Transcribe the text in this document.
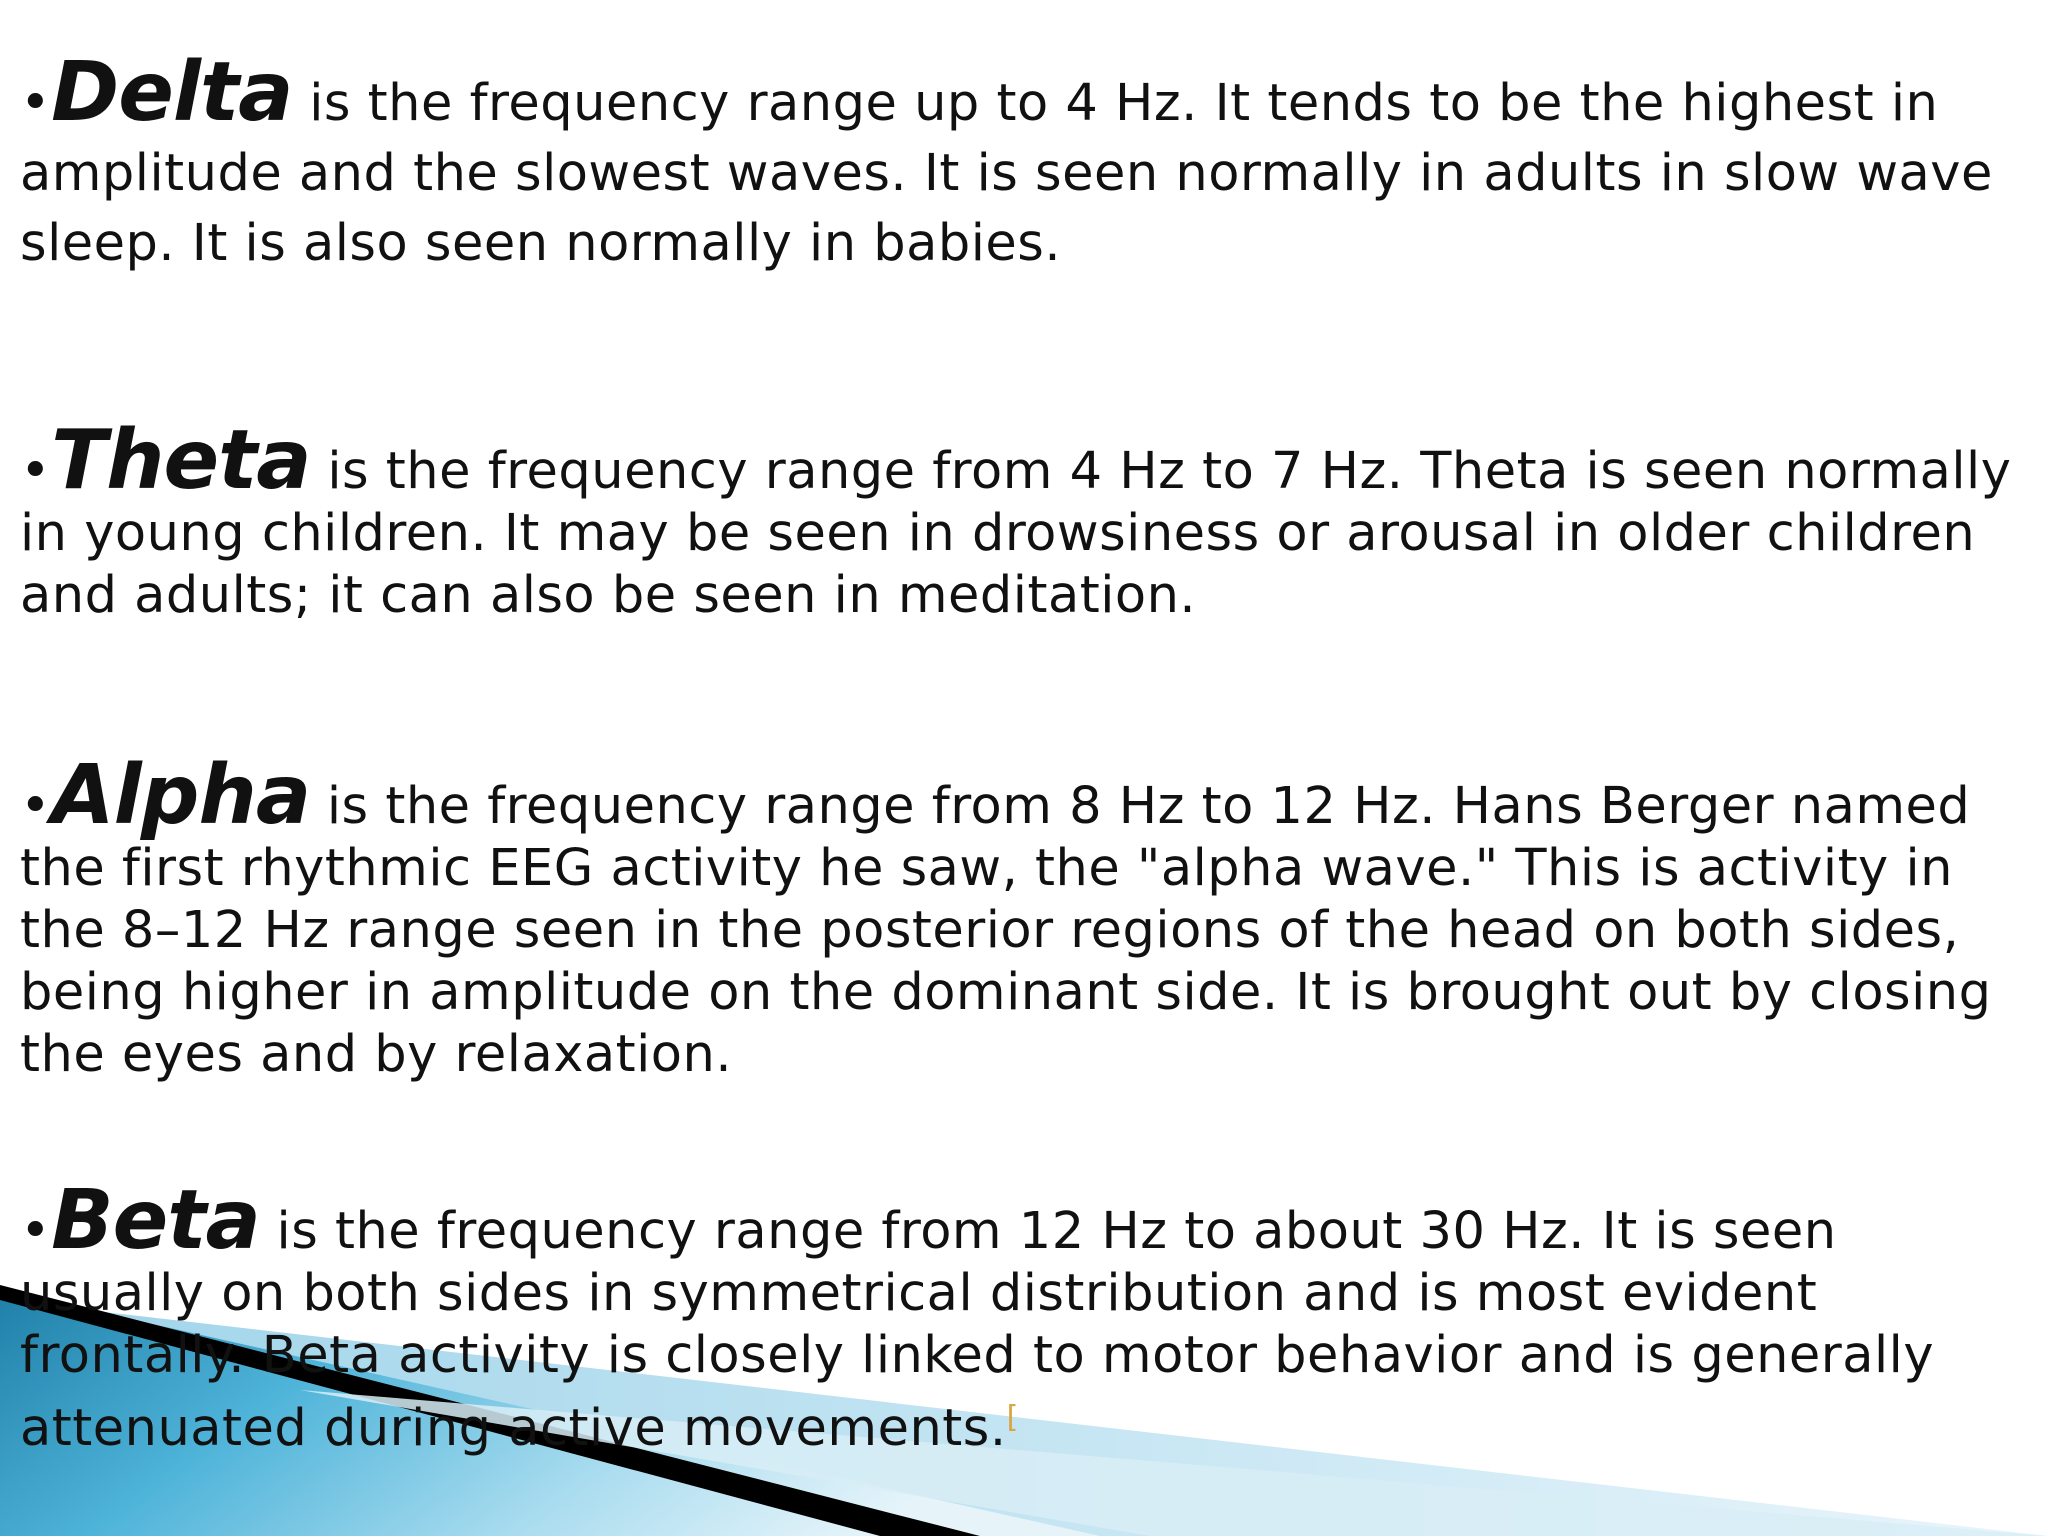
•Delta is the frequency range up to 4 Hz. It tends to be the highest in amplitude and the slowest waves. It is seen normally in adults in slow wave sleep. It is also seen normally in babies.

•Theta is the frequency range from 4 Hz to 7 Hz. Theta is seen normally in young children. It may be seen in drowsiness or arousal in older children and adults; it can also be seen in meditation.

•Alpha is the frequency range from 8 Hz to 12 Hz. Hans Berger named the first rhythmic EEG activity he saw, the "alpha wave." This is activity in the 8–12 Hz range seen in the posterior regions of the head on both sides, being higher in amplitude on the dominant side. It is brought out by closing the eyes and by relaxation.

•Beta is the frequency range from 12 Hz to about 30 Hz. It is seen usually on both sides in symmetrical distribution and is most evident frontally. Beta activity is closely linked to motor behavior and is generally attenuated during active movements.[
